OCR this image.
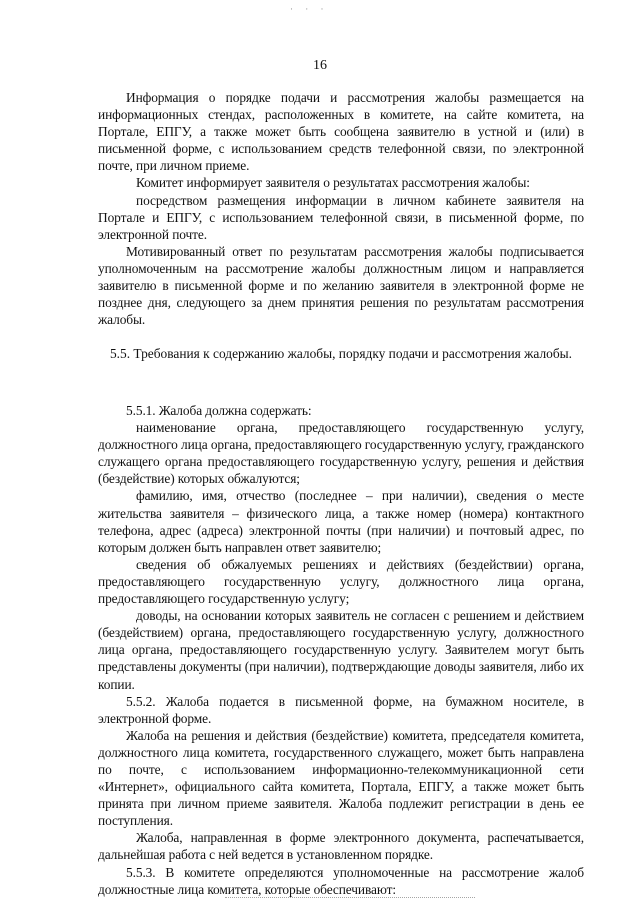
· · ·
16

Информация о порядке подачи и рассмотрения жалобы размещается на информационных стендах, расположенных в комитете, на сайте комитета, на Портале, ЕПГУ, а также может быть сообщена заявителю в устной и (или) в письменной форме, с использованием средств телефонной связи, по электронной почте, при личном приеме.

Комитет информирует заявителя о результатах рассмотрения жалобы:

посредством размещения информации в личном кабинете заявителя на Портале и ЕПГУ, с использованием телефонной связи, в письменной форме, по электронной почте.

Мотивированный ответ по результатам рассмотрения жалобы подписывается уполномоченным на рассмотрение жалобы должностным лицом и направляется заявителю в письменной форме и по желанию заявителя в электронной форме не позднее дня, следующего за днем принятия решения по результатам рассмотрения жалобы.

5.5. Требования к содержанию жалобы, порядку подачи и рассмотрения жалобы.

5.5.1. Жалоба должна содержать:

наименование органа, предоставляющего государственную услугу, должностного лица органа, предоставляющего государственную услугу, гражданского служащего органа предоставляющего государственную услугу, решения и действия (бездействие) которых обжалуются;

фамилию, имя, отчество (последнее – при наличии), сведения о месте жительства заявителя – физического лица, а также номер (номера) контактного телефона, адрес (адреса) электронной почты (при наличии) и почтовый адрес, по которым должен быть направлен ответ заявителю;

сведения об обжалуемых решениях и действиях (бездействии) органа, предоставляющего государственную услугу, должностного лица органа, предоставляющего государственную услугу;

доводы, на основании которых заявитель не согласен с решением и действием (бездействием) органа, предоставляющего государственную услугу, должностного лица органа, предоставляющего государственную услугу. Заявителем могут быть представлены документы (при наличии), подтверждающие доводы заявителя, либо их копии.

5.5.2. Жалоба подается в письменной форме, на бумажном носителе, в электронной форме.

Жалоба на решения и действия (бездействие) комитета, председателя комитета, должностного лица комитета, государственного служащего, может быть направлена по почте, с использованием информационно-телекоммуникационной сети «Интернет», официального сайта комитета, Портала, ЕПГУ, а также может быть принята при личном приеме заявителя. Жалоба подлежит регистрации в день ее поступления.

Жалоба, направленная в форме электронного документа, распечатывается, дальнейшая работа с ней ведется в установленном порядке.

5.5.3. В комитете определяются уполномоченные на рассмотрение жалоб должностные лица комитета, которые обеспечивают:
